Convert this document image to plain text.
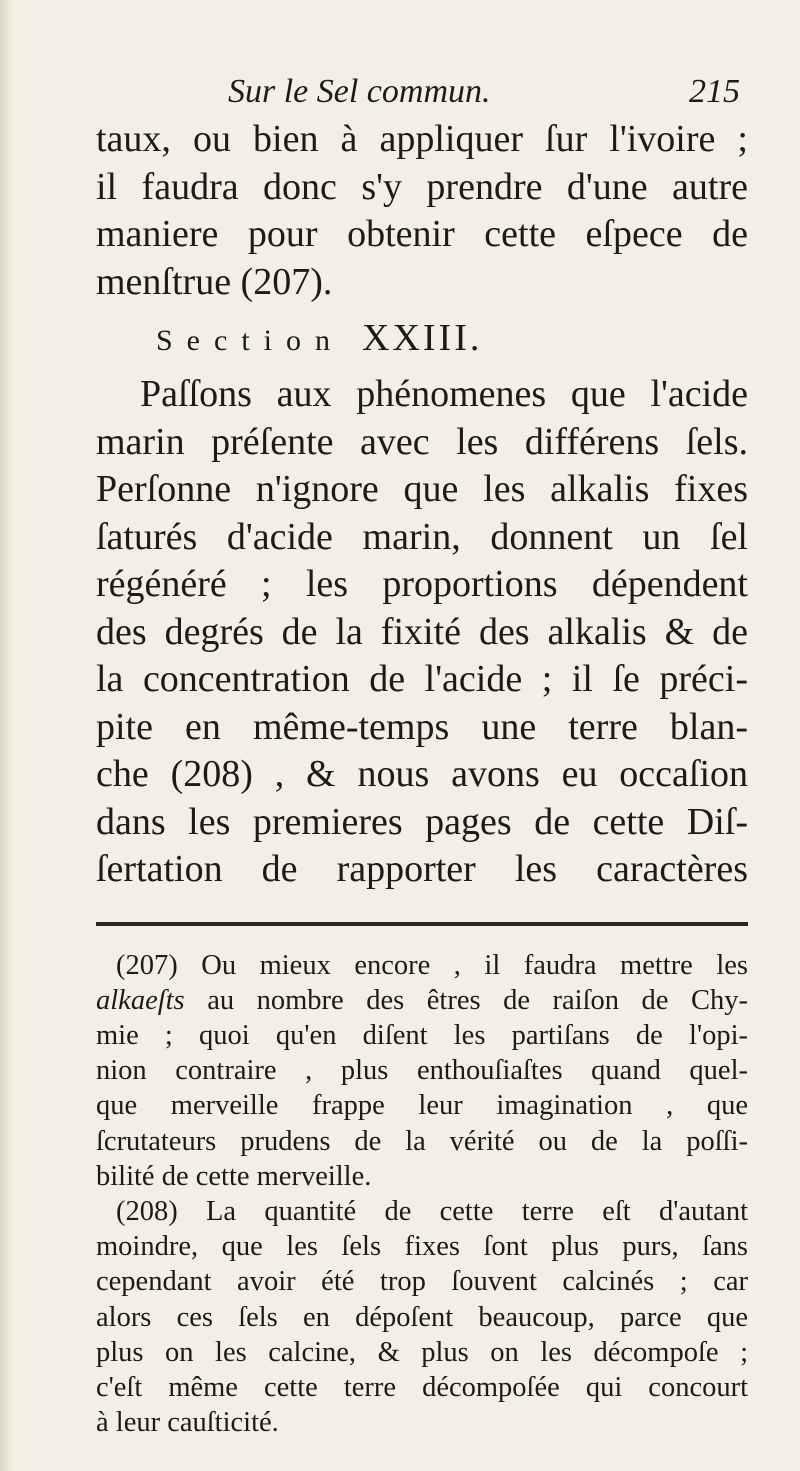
Sur le Sel commun.	215

taux, ou bien à appliquer ſur l'ivoire ;
il faudra donc s'y prendre d'une autre
maniere pour obtenir cette eſpece de
menſtrue (207).

Section XXIII.

Paſſons aux phénomenes que l'acide
marin préſente avec les différens ſels.
Perſonne n'ignore que les alkalis fixes
ſaturés d'acide marin, donnent un ſel
régénéré ; les proportions dépendent
des degrés de la fixité des alkalis & de
la concentration de l'acide ; il ſe préci-
pite en même-temps une terre blan-
che (208) , & nous avons eu occaſion
dans les premieres pages de cette Diſ-
ſertation de rapporter les caractères

(207) Ou mieux encore , il faudra mettre les
alkaeſts au nombre des êtres de raiſon de Chy-
mie ; quoi qu'en diſent les partiſans de l'opi-
nion contraire , plus enthouſiaſtes quand quel-
que merveille frappe leur imagination , que
ſcrutateurs prudens de la vérité ou de la poſſi-
bilité de cette merveille.

(208) La quantité de cette terre eſt d'autant
moindre, que les ſels fixes ſont plus purs, ſans
cependant avoir été trop ſouvent calcinés ; car
alors ces ſels en dépoſent beaucoup, parce que
plus on les calcine, & plus on les décompoſe ;
c'eſt même cette terre décompoſée qui concourt
à leur cauſticité.
